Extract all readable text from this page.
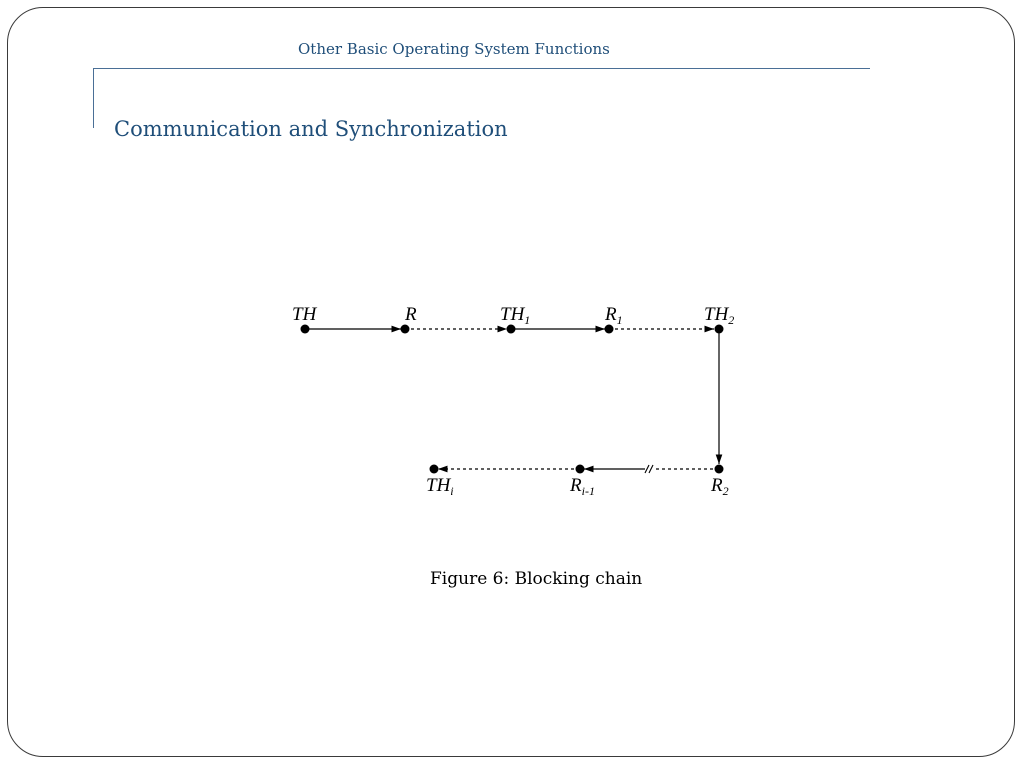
Other Basic Operating System Functions
Communication and Synchronization
TH	R	$TH_1$	$R_1$	$TH_2$
$R_2$
$R_i-1$
$TH_i$
Figure 6: Blocking chain
